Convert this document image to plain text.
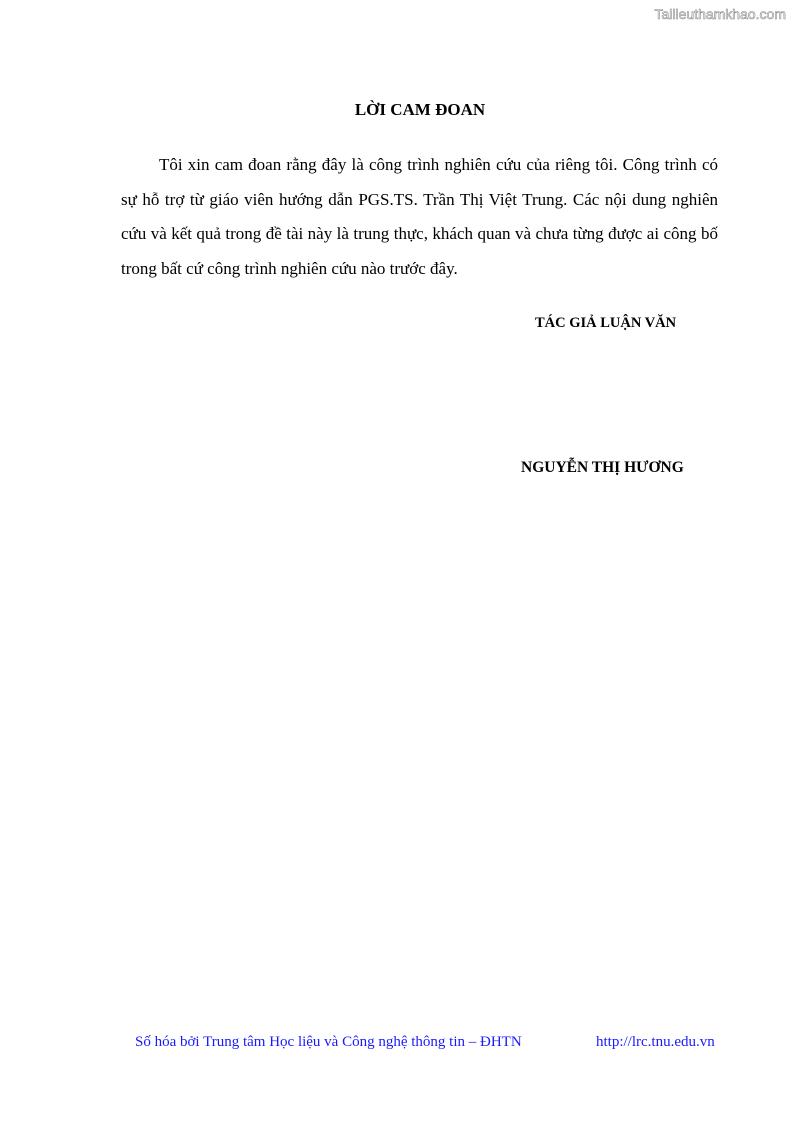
Tailieuthamkhao.com
LỜI CAM ĐOAN

Tôi xin cam đoan rằng đây là công trình nghiên cứu của riêng tôi. Công trình có sự hỗ trợ từ giáo viên hướng dẫn PGS.TS. Trần Thị Việt Trung. Các nội dung nghiên cứu và kết quả trong đề tài này là trung thực, khách quan và chưa từng được ai công bố trong bất cứ công trình nghiên cứu nào trước đây.

TÁC GIẢ LUẬN VĂN
NGUYỄN THỊ HƯƠNG
Số hóa bởi Trung tâm Học liệu và Công nghệ thông tin – ĐHTN	http://lrc.tnu.edu.vn
